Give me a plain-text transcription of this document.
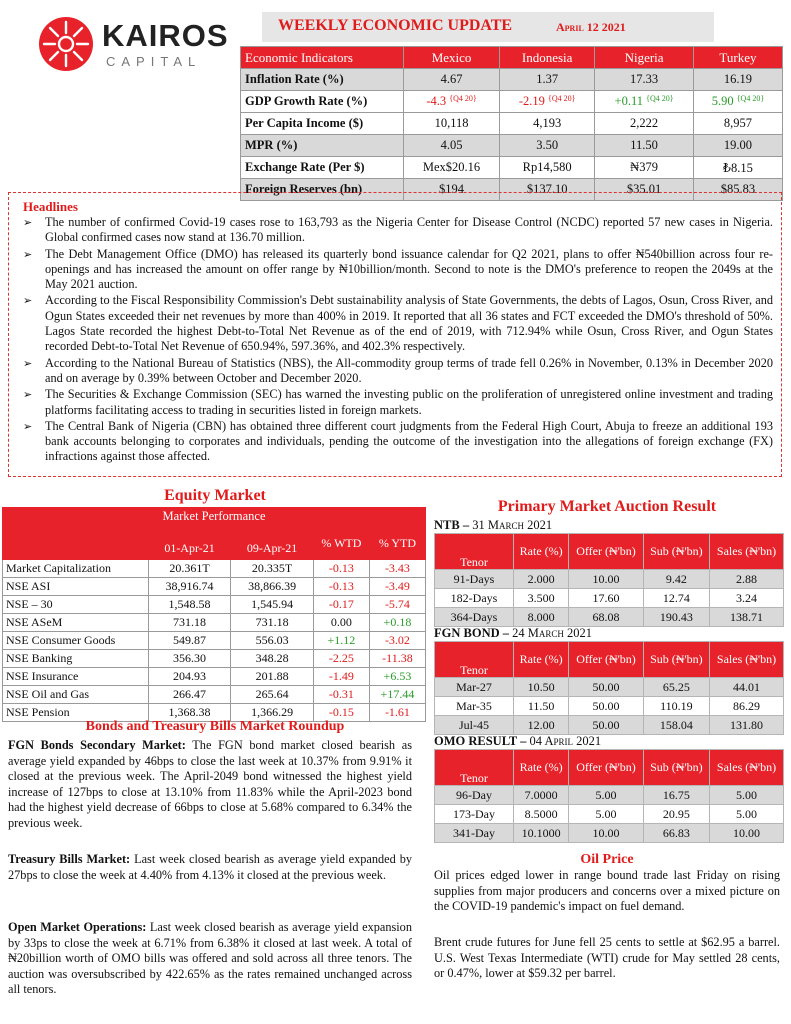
KAIROS
CAPITAL
WEEKLY ECONOMIC UPDATE	April 12 2021
Economic Indicators	Mexico	Indonesia	Nigeria	Turkey
Inflation Rate (%)	4.67	1.37	17.33	16.19
GDP Growth Rate (%)	-4.3 $^{\{Q4 20\}}$	-2.19 $^{\{Q4 20\}}$	+0.11 $^{\{Q4 20\}}$	5.90 $^{\{Q4 20\}}$
Per Capita Income ($)	10,118	4,193	2,222	8,957
MPR (%)	4.05	3.50	11.50	19.00
Exchange Rate (Per $)	Mex$20.16	Rp14,580	₦379	₺8.15
Foreign Reserves (bn)	$194	$137.10	$35.01	$85.83
Headlines
➢ The number of confirmed Covid-19 cases rose to 163,793 as the Nigeria Center for Disease Control (NCDC) reported 57 new cases in Nigeria. Global confirmed cases now stand at 136.70 million.
➢ The Debt Management Office (DMO) has released its quarterly bond issuance calendar for Q2 2021, plans to offer ₦540billion across four re-openings and has increased the amount on offer range by ₦10billion/month. Second to note is the DMO's preference to reopen the 2049s at the May 2021 auction.
➢ According to the Fiscal Responsibility Commission's Debt sustainability analysis of State Governments, the debts of Lagos, Osun, Cross River, and Ogun States exceeded their net revenues by more than 400% in 2019. It reported that all 36 states and FCT exceeded the DMO's threshold of 50%. Lagos State recorded the highest Debt-to-Total Net Revenue as of the end of 2019, with 712.94% while Osun, Cross River, and Ogun States recorded Debt-to-Total Net Revenue of 650.94%, 597.36%, and 402.3% respectively.
➢ According to the National Bureau of Statistics (NBS), the All-commodity group terms of trade fell 0.26% in November, 0.13% in December 2020 and on average by 0.39% between October and December 2020.
➢ The Securities & Exchange Commission (SEC) has warned the investing public on the proliferation of unregistered online investment and trading platforms facilitating access to trading in securities listed in foreign markets.
➢ The Central Bank of Nigeria (CBN) has obtained three different court judgments from the Federal High Court, Abuja to freeze an additional 193 bank accounts belonging to corporates and individuals, pending the outcome of the investigation into the allegations of foreign exchange (FX) infractions against those affected.
Equity Market
Market Performance				
	01-Apr-21	09-Apr-21	% WTD	% YTD
Market Capitalization	20.361T	20.335T	-0.13	-3.43
NSE ASI	38,916.74	38,866.39	-0.13	-3.49
NSE – 30	1,548.58	1,545.94	-0.17	-5.74
NSE ASeM	731.18	731.18	0.00	+0.18
NSE Consumer Goods	549.87	556.03	+1.12	-3.02
NSE Banking	356.30	348.28	-2.25	-11.38
NSE Insurance	204.93	201.88	-1.49	+6.53
NSE Oil and Gas	266.47	265.64	-0.31	+17.44
NSE Pension	1,368.38	1,366.29	-0.15	-1.61
Bonds and Treasury Bills Market Roundup
FGN Bonds Secondary Market: The FGN bond market closed bearish as average yield expanded by 46bps to close the last week at 10.37% from 9.91% it closed at the previous week. The April-2049 bond witnessed the highest yield increase of 127bps to close at 13.10% from 11.83% while the April-2023 bond had the highest yield decrease of 66bps to close at 5.68% compared to 6.34% the previous week.
Treasury Bills Market: Last week closed bearish as average yield expanded by 27bps to close the week at 4.40% from 4.13% it closed at the previous week.
Open Market Operations: Last week closed bearish as average yield expansion by 33ps to close the week at 6.71% from 6.38% it closed at last week. A total of ₦20billion worth of OMO bills was offered and sold across all three tenors. The auction was oversubscribed by 422.65% as the rates remained unchanged across all tenors.
Primary Market Auction Result
NTB – 31 March 2021
Tenor	Rate (%)	Offer (₦'bn)	Sub (₦'bn)	Sales (₦'bn)
91-Days	2.000	10.00	9.42	2.88
182-Days	3.500	17.60	12.74	3.24
364-Days	8.000	68.08	190.43	138.71
FGN BOND – 24 March 2021
Tenor	Rate (%)	Offer (₦'bn)	Sub (₦'bn)	Sales (₦'bn)
Mar-27	10.50	50.00	65.25	44.01
Mar-35	11.50	50.00	110.19	86.29
Jul-45	12.00	50.00	158.04	131.80
OMO RESULT – 04 April 2021
Tenor	Rate (%)	Offer (₦'bn)	Sub (₦'bn)	Sales (₦'bn)
96-Day	7.0000	5.00	16.75	5.00
173-Day	8.5000	5.00	20.95	5.00
341-Day	10.1000	10.00	66.83	10.00
Oil Price
Oil prices edged lower in range bound trade last Friday on rising supplies from major producers and concerns over a mixed picture on the COVID-19 pandemic's impact on fuel demand.
Brent crude futures for June fell 25 cents to settle at $62.95 a barrel. U.S. West Texas Intermediate (WTI) crude for May settled 28 cents, or 0.47%, lower at $59.32 per barrel.
